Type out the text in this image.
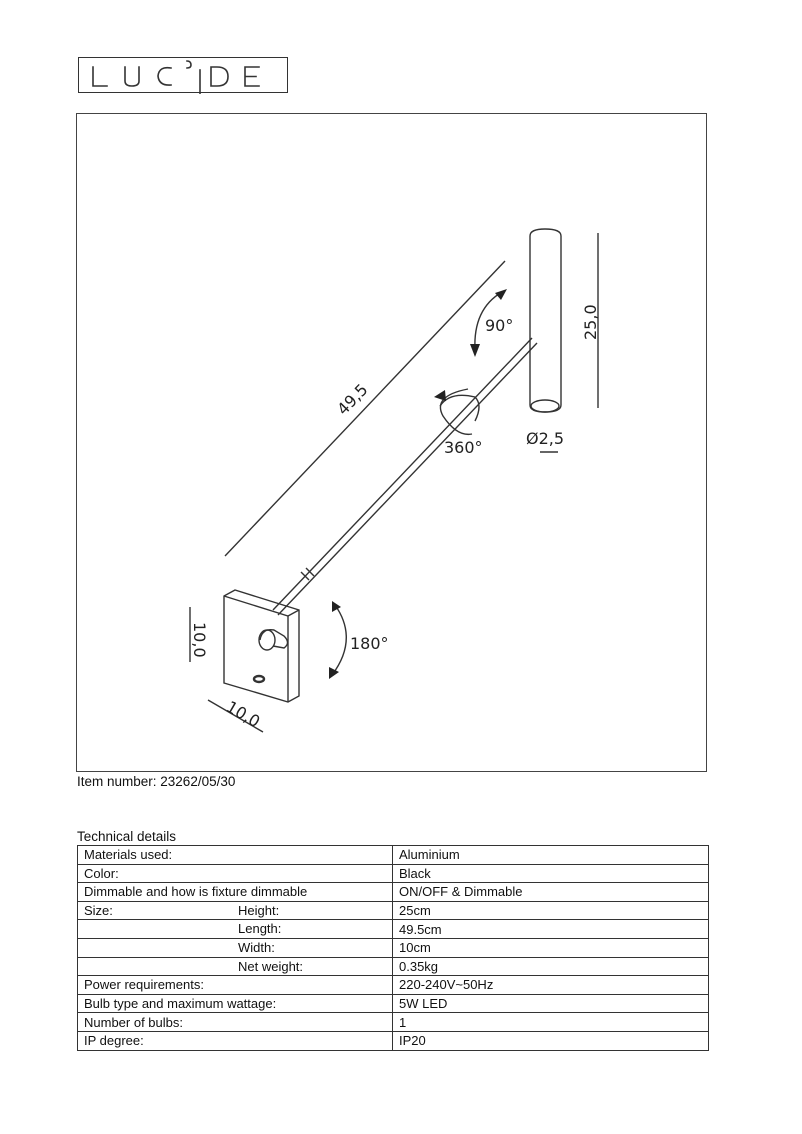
49,5
25,0
Ø2,5
10,0
10,0
90°
360°
180°
Item number: 23262/05/30
Technical details
Materials used:	Aluminium
Color:	Black
Dimmable and how is fixture dimmable	ON/OFF & Dimmable
Size: Height:	25cm

Length:	49.5cm

Width:	10cm

Net weight:	0.35kg
Power requirements:	220-240V~50Hz
Bulb type and maximum wattage:	5W LED
Number of bulbs:	1
IP degree:	IP20
